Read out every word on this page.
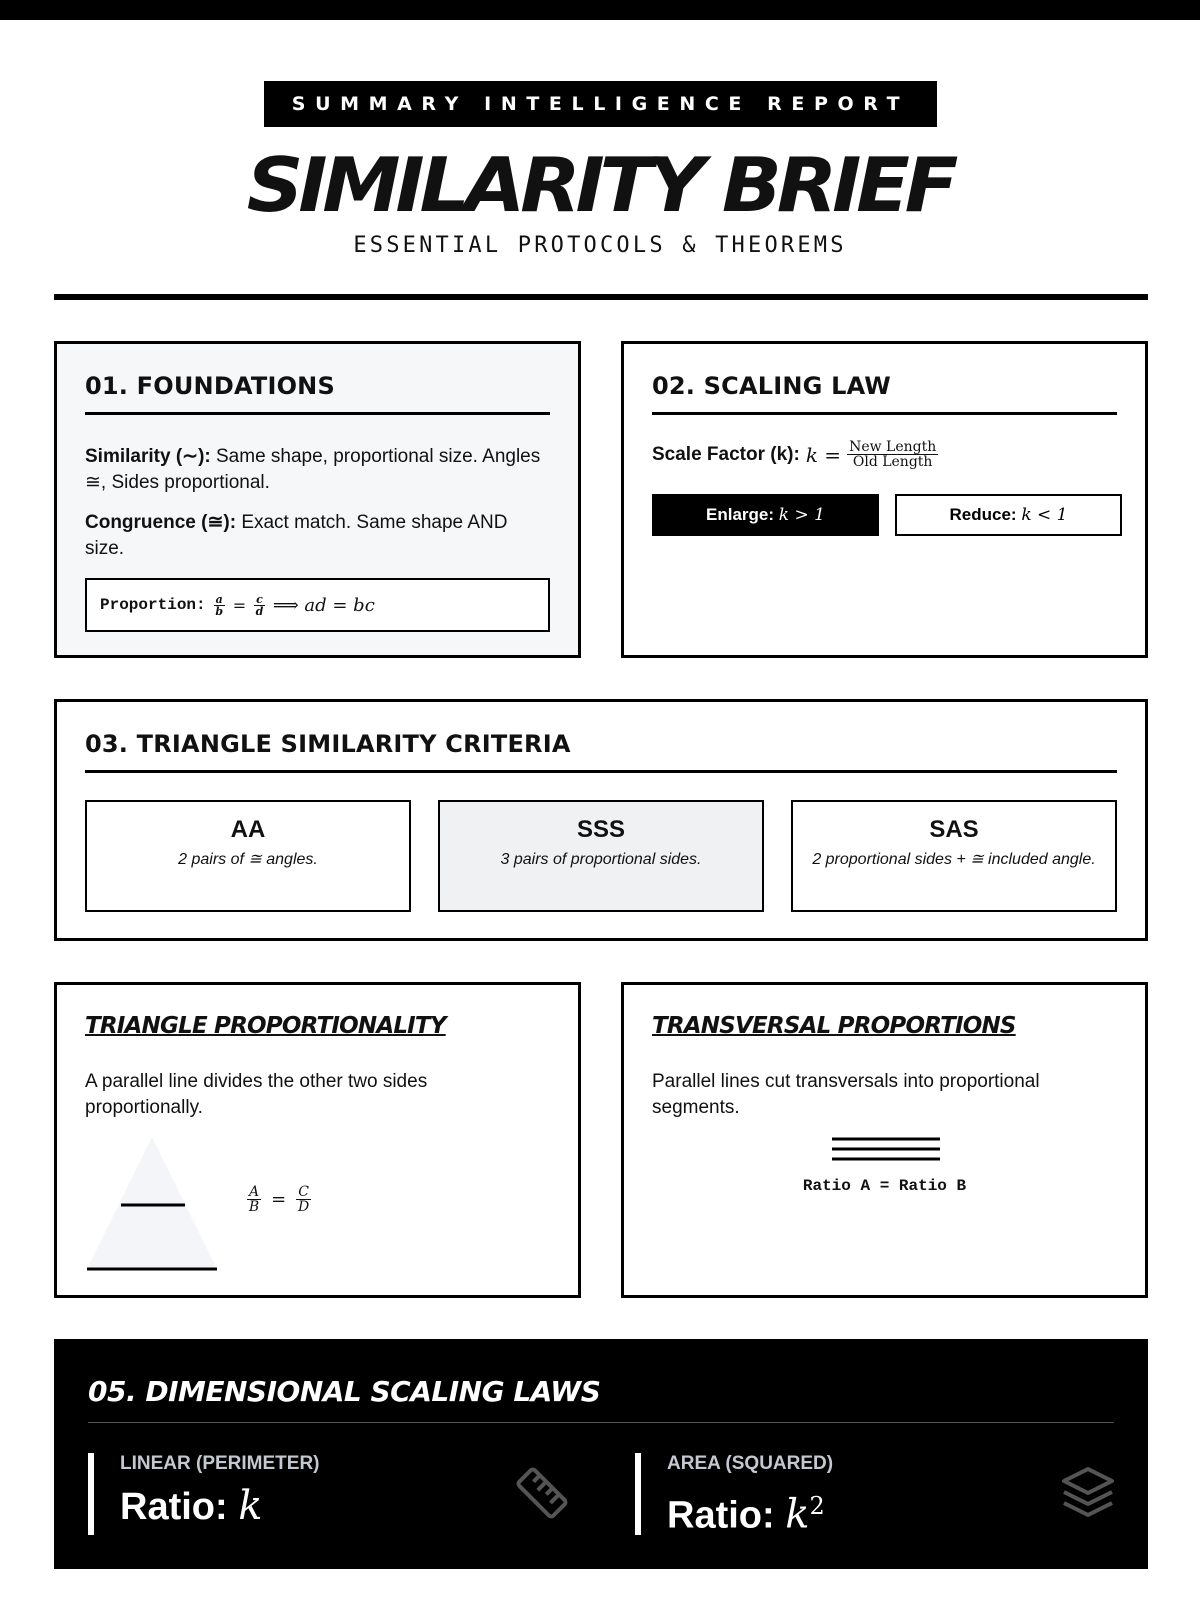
SUMMARY INTELLIGENCE REPORT
SIMILARITY BRIEF
ESSENTIAL PROTOCOLS & THEOREMS
01. FOUNDATIONS
Similarity (∼): Same shape, proportional size. Angles ≅, Sides proportional.
Congruence (≅): Exact match. Same shape AND size.
Proportion: $\frac{a}{b} = \frac{c}{d}$ ⟹ ad = bc
02. SCALING LAW
Scale Factor (k): $k = \frac{\text{New Length}}{\text{Old Length}}$
Enlarge:
k > 1	Reduce:
k < 1
03. TRIANGLE SIMILARITY CRITERIA
AA
2 pairs of ≅ angles.
SSS
3 pairs of proportional sides.
SAS
2 proportional sides + ≅ included angle.
TRIANGLE PROPORTIONALITY
A parallel line divides the other two sides proportionally.
$\frac{A}{B} = \frac{C}{D}$
TRANSVERSAL PROPORTIONS
Parallel lines cut transversals into proportional segments.
Ratio A = Ratio B
05. DIMENSIONAL SCALING LAWS
LINEAR (PERIMETER)
Ratio: k
AREA (SQUARED)
Ratio: $k^2$
